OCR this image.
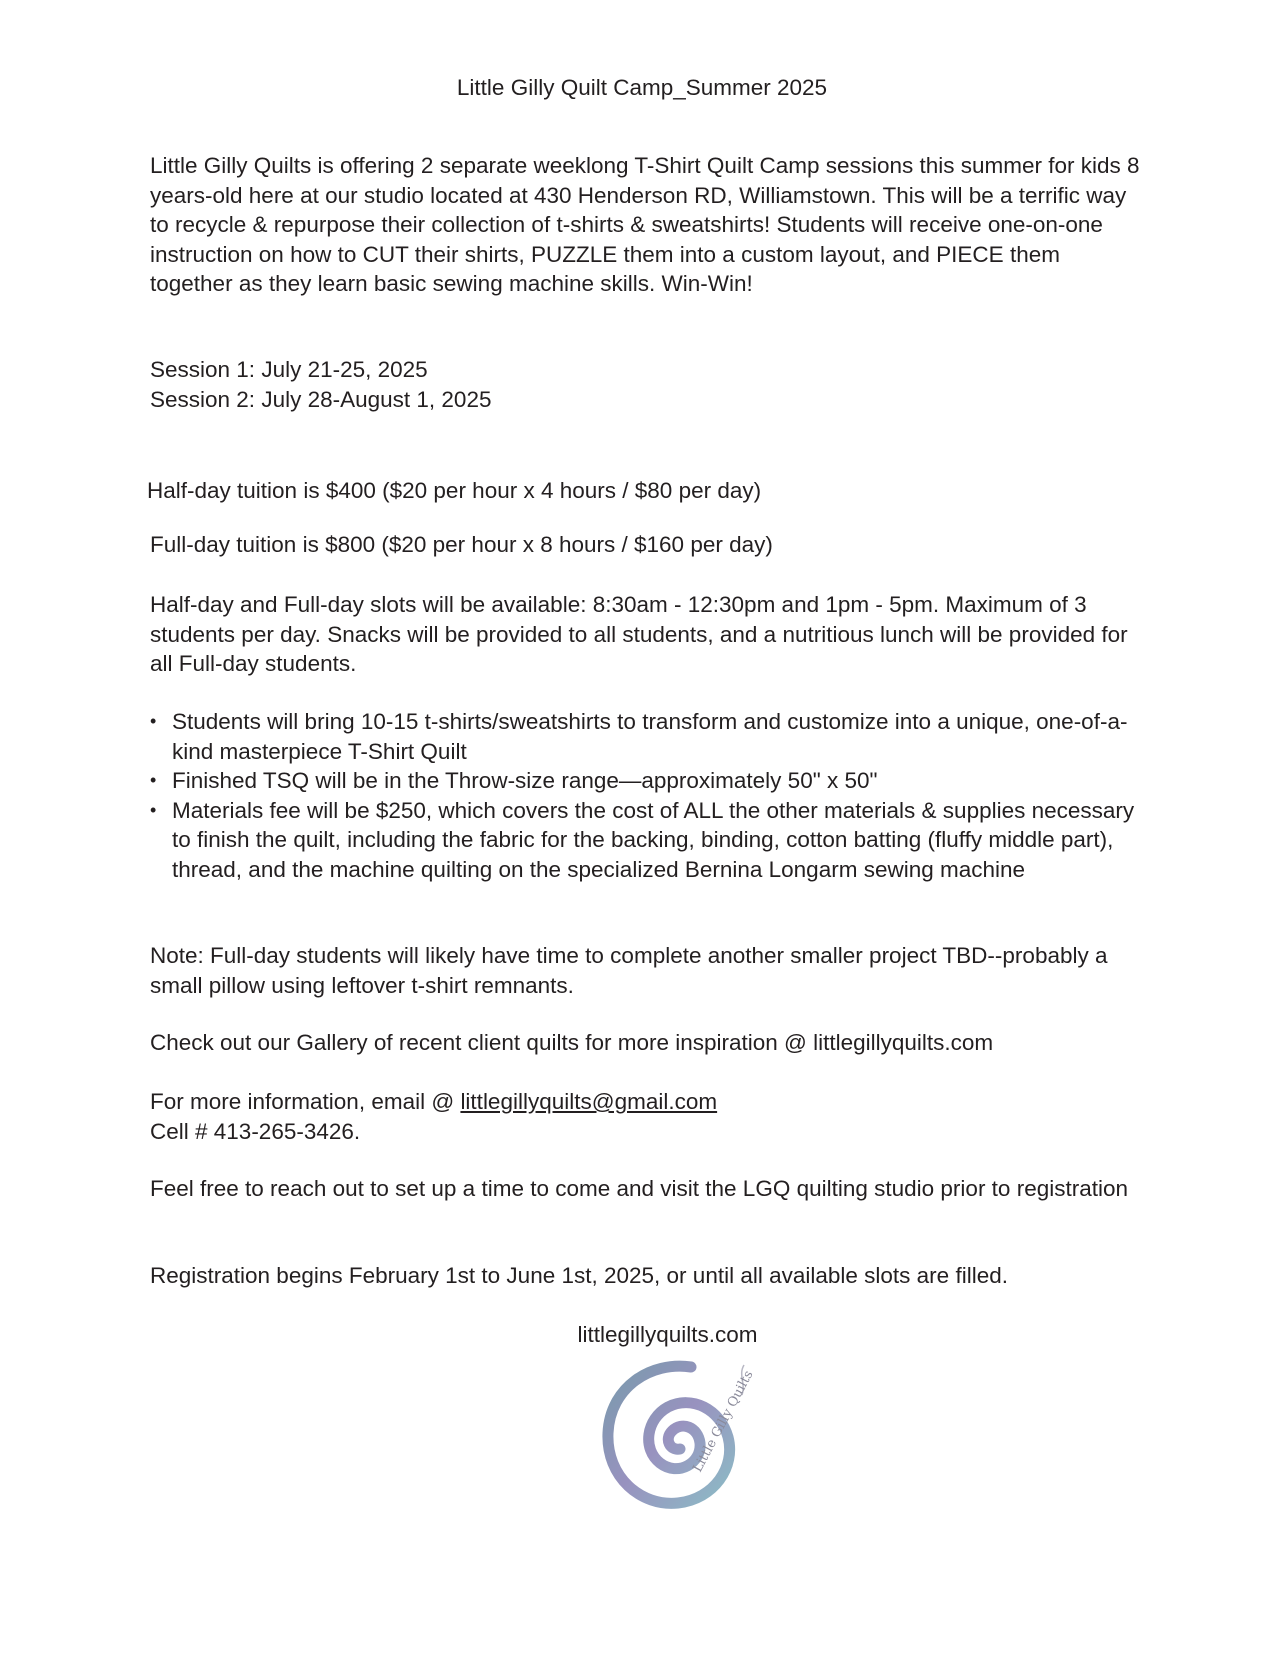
Little Gilly Quilt Camp_Summer 2025
Little Gilly Quilts is offering 2 separate weeklong T-Shirt Quilt Camp sessions this summer for kids 8 years-old here at our studio located at 430 Henderson RD, Williamstown. This will be a terrific way to recycle & repurpose their collection of t-shirts & sweatshirts! Students will receive one-on-one instruction on how to CUT their shirts, PUZZLE them into a custom layout, and PIECE them together as they learn basic sewing machine skills. Win-Win!
Session 1: July 21-25, 2025
Session 2: July 28-August 1, 2025
Half-day tuition is $400 ($20 per hour x 4 hours / $80 per day)
Full-day tuition is $800 ($20 per hour x 8 hours / $160 per day)
Half-day and Full-day slots will be available: 8:30am - 12:30pm and 1pm - 5pm. Maximum of 3 students per day. Snacks will be provided to all students, and a nutritious lunch will be provided for all Full-day students.
• Students will bring 10-15 t-shirts/sweatshirts to transform and customize into a unique, one-of-a-kind masterpiece T-Shirt Quilt
• Finished TSQ will be in the Throw-size range—approximately 50" x 50"
• Materials fee will be $250, which covers the cost of ALL the other materials & supplies necessary to finish the quilt, including the fabric for the backing, binding, cotton batting (fluffy middle part), thread, and the machine quilting on the specialized Bernina Longarm sewing machine
Note: Full-day students will likely have time to complete another smaller project TBD--probably a small pillow using leftover t-shirt remnants.
Check out our Gallery of recent client quilts for more inspiration @ littlegillyquilts.com
For more information, email @ littlegillyquilts@gmail.com
Cell # 413-265-3426.
Feel free to reach out to set up a time to come and visit the LGQ quilting studio prior to registration
Registration begins February 1st to June 1st, 2025, or until all available slots are filled.
littlegillyquilts.com
Little Gilly Quilts
